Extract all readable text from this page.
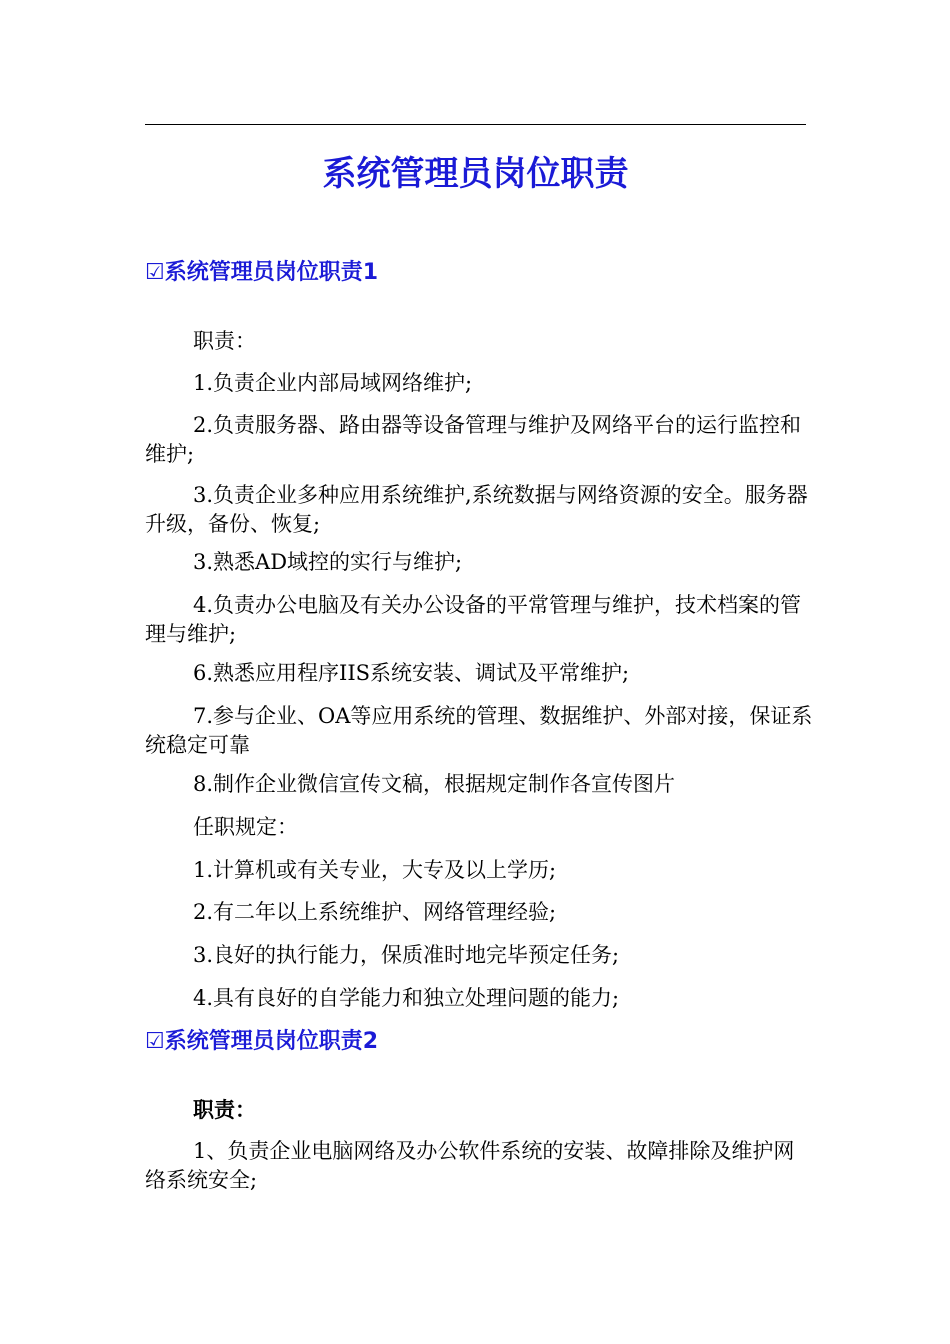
系统管理员岗位职责
☑系统管理员岗位职责1

职责：

1.负责企业内部局域网络维护;

2.负责服务器、路由器等设备管理与维护及网络平台的运行监控和维护;

3.负责企业多种应用系统维护,系统数据与网络资源的安全。服务器升级，备份、恢复;

3.熟悉AD域控的实行与维护;

4.负责办公电脑及有关办公设备的平常管理与维护，技术档案的管理与维护;

6.熟悉应用程序IIS系统安装、调试及平常维护;

7.参与企业、OA等应用系统的管理、数据维护、外部对接，保证系统稳定可靠

8.制作企业微信宣传文稿，根据规定制作各宣传图片

任职规定：

1.计算机或有关专业，大专及以上学历;

2.有二年以上系统维护、网络管理经验;

3.良好的执行能力，保质准时地完毕预定任务;

4.具有良好的自学能力和独立处理问题的能力;

☑系统管理员岗位职责2

职责：

1、负责企业电脑网络及办公软件系统的安装、故障排除及维护网络系统安全;
